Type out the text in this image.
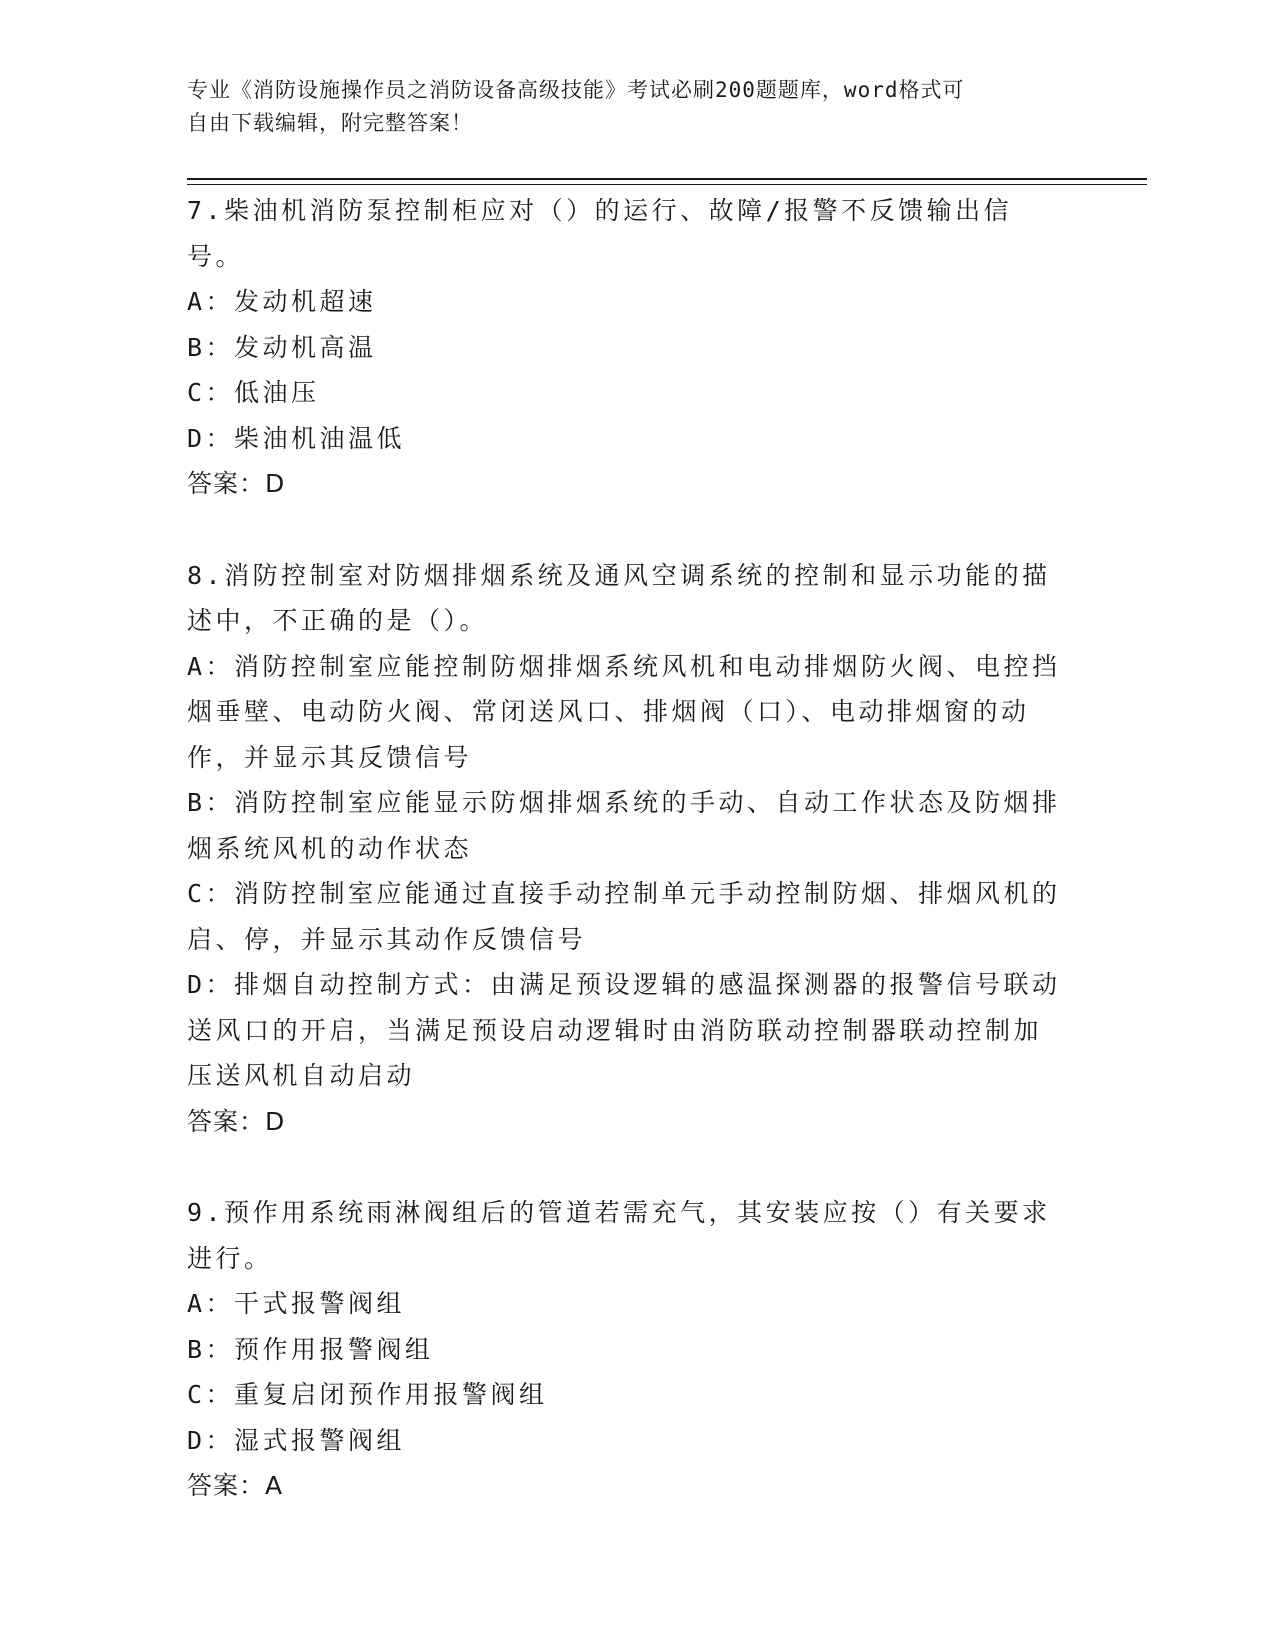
专业《消防设施操作员之消防设备高级技能》考试必刷200题题库，word格式可
自由下载编辑，附完整答案！
7.柴油机消防泵控制柜应对（）的运行、故障/报警不反馈输出信号。
A：发动机超速
B：发动机高温
C：低油压
D：柴油机油温低
答案：D
8.消防控制室对防烟排烟系统及通风空调系统的控制和显示功能的描
述中，不正确的是（）。
A：消防控制室应能控制防烟排烟系统风机和电动排烟防火阀、电控挡
烟垂壁、电动防火阀、常闭送风口、排烟阀（口）、电动排烟窗的动
作，并显示其反馈信号
B：消防控制室应能显示防烟排烟系统的手动、自动工作状态及防烟排
烟系统风机的动作状态
C：消防控制室应能通过直接手动控制单元手动控制防烟、排烟风机的
启、停，并显示其动作反馈信号
D：排烟自动控制方式：由满足预设逻辑的感温探测器的报警信号联动
送风口的开启，当满足预设启动逻辑时由消防联动控制器联动控制加
压送风机自动启动
答案：D
9.预作用系统雨淋阀组后的管道若需充气，其安装应按（）有关要求
进行。
A：干式报警阀组
B：预作用报警阀组
C：重复启闭预作用报警阀组
D：湿式报警阀组
答案：A
